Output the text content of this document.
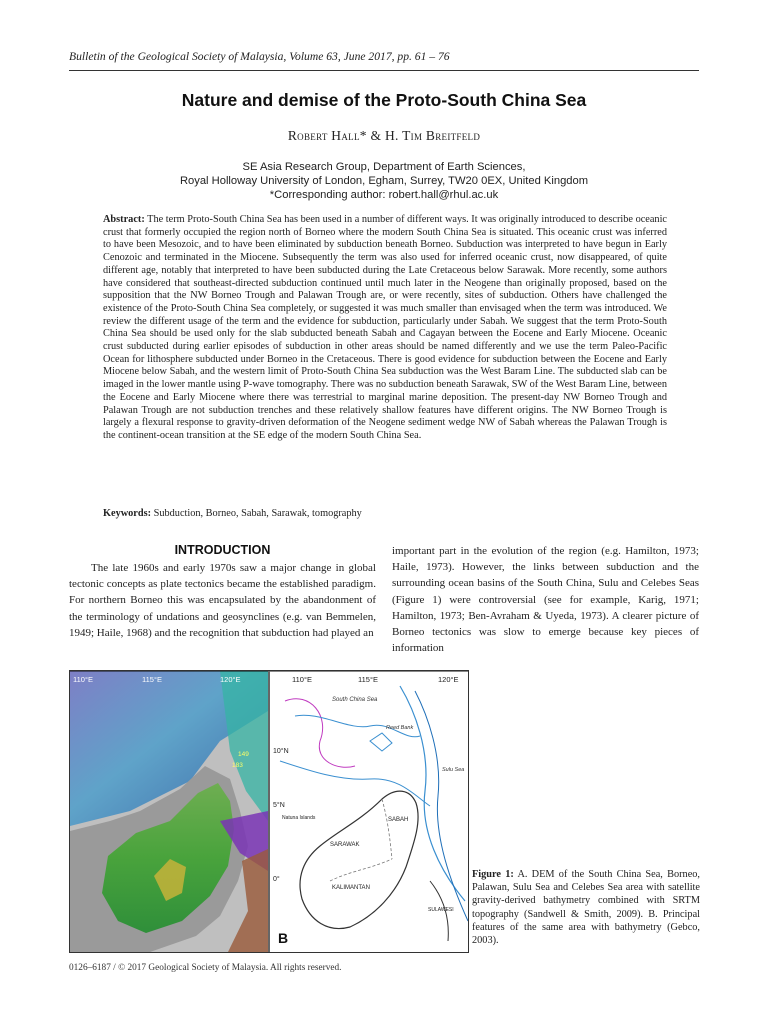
Bulletin of the Geological Society of Malaysia, Volume 63, June 2017, pp. 61 – 76
Nature and demise of the Proto-South China Sea
Robert Hall* & H. Tim Breitfeld
SE Asia Research Group, Department of Earth Sciences,
Royal Holloway University of London, Egham, Surrey, TW20 0EX, United Kingdom
*Corresponding author: robert.hall@rhul.ac.uk
Abstract: The term Proto-South China Sea has been used in a number of different ways. It was originally introduced to describe oceanic crust that formerly occupied the region north of Borneo where the modern South China Sea is situated. This oceanic crust was inferred to have been Mesozoic, and to have been eliminated by subduction beneath Borneo. Subduction was interpreted to have begun in Early Cenozoic and terminated in the Miocene. Subsequently the term was also used for inferred oceanic crust, now disappeared, of quite different age, notably that interpreted to have been subducted during the Late Cretaceous below Sarawak. More recently, some authors have considered that southeast-directed subduction continued until much later in the Neogene than originally proposed, based on the supposition that the NW Borneo Trough and Palawan Trough are, or were recently, sites of subduction. Others have challenged the existence of the Proto-South China Sea completely, or suggested it was much smaller than envisaged when the term was introduced. We review the different usage of the term and the evidence for subduction, particularly under Sabah. We suggest that the term Proto-South China Sea should be used only for the slab subducted beneath Sabah and Cagayan between the Eocene and Early Miocene. Oceanic crust subducted during earlier episodes of subduction in other areas should be named differently and we use the term Paleo-Pacific Ocean for lithosphere subducted under Borneo in the Cretaceous. There is good evidence for subduction between the Eocene and Early Miocene below Sabah, and the western limit of Proto-South China Sea subduction was the West Baram Line. The subducted slab can be imaged in the lower mantle using P-wave tomography. There was no subduction beneath Sarawak, SW of the West Baram Line, between the Eocene and Early Miocene where there was terrestrial to marginal marine deposition. The present-day NW Borneo Trough and Palawan Trough are not subduction trenches and these relatively shallow features have different origins. The NW Borneo Trough is largely a flexural response to gravity-driven deformation of the Neogene sediment wedge NW of Sabah whereas the Palawan Trough is the continent-ocean transition at the SE edge of the modern South China Sea.
Keywords: Subduction, Borneo, Sabah, Sarawak, tomography
INTRODUCTION
The late 1960s and early 1970s saw a major change in global tectonic concepts as plate tectonics became the established paradigm. For northern Borneo this was encapsulated by the abandonment of the terminology of undations and geosynclines (e.g. van Bemmelen, 1949; Haile, 1968) and the recognition that subduction had played an
important part in the evolution of the region (e.g. Hamilton, 1973; Haile, 1973). However, the links between subduction and the surrounding ocean basins of the South China, Sulu and Celebes Seas (Figure 1) were controversial (see for example, Karig, 1971; Hamilton, 1973; Ben-Avraham & Uyeda, 1973). A clearer picture of Borneo tectonics was slow to emerge because key pieces of information
110°E	115°E	120°E
149
183
110°E	115°E	120°E
10°N
5°N
0°
South China Sea
Reed Bank
Sulu Sea
SABAH
SARAWAK
Natuna Islands
KALIMANTAN
SULAWESI
B
Figure 1: A. DEM of the South China Sea, Borneo, Palawan, Sulu Sea and Celebes Sea area with satellite gravity-derived bathymetry combined with SRTM topography (Sandwell & Smith, 2009). B. Principal features of the same area with bathymetry (Gebco, 2003).
0126–6187 / © 2017 Geological Society of Malaysia. All rights reserved.
